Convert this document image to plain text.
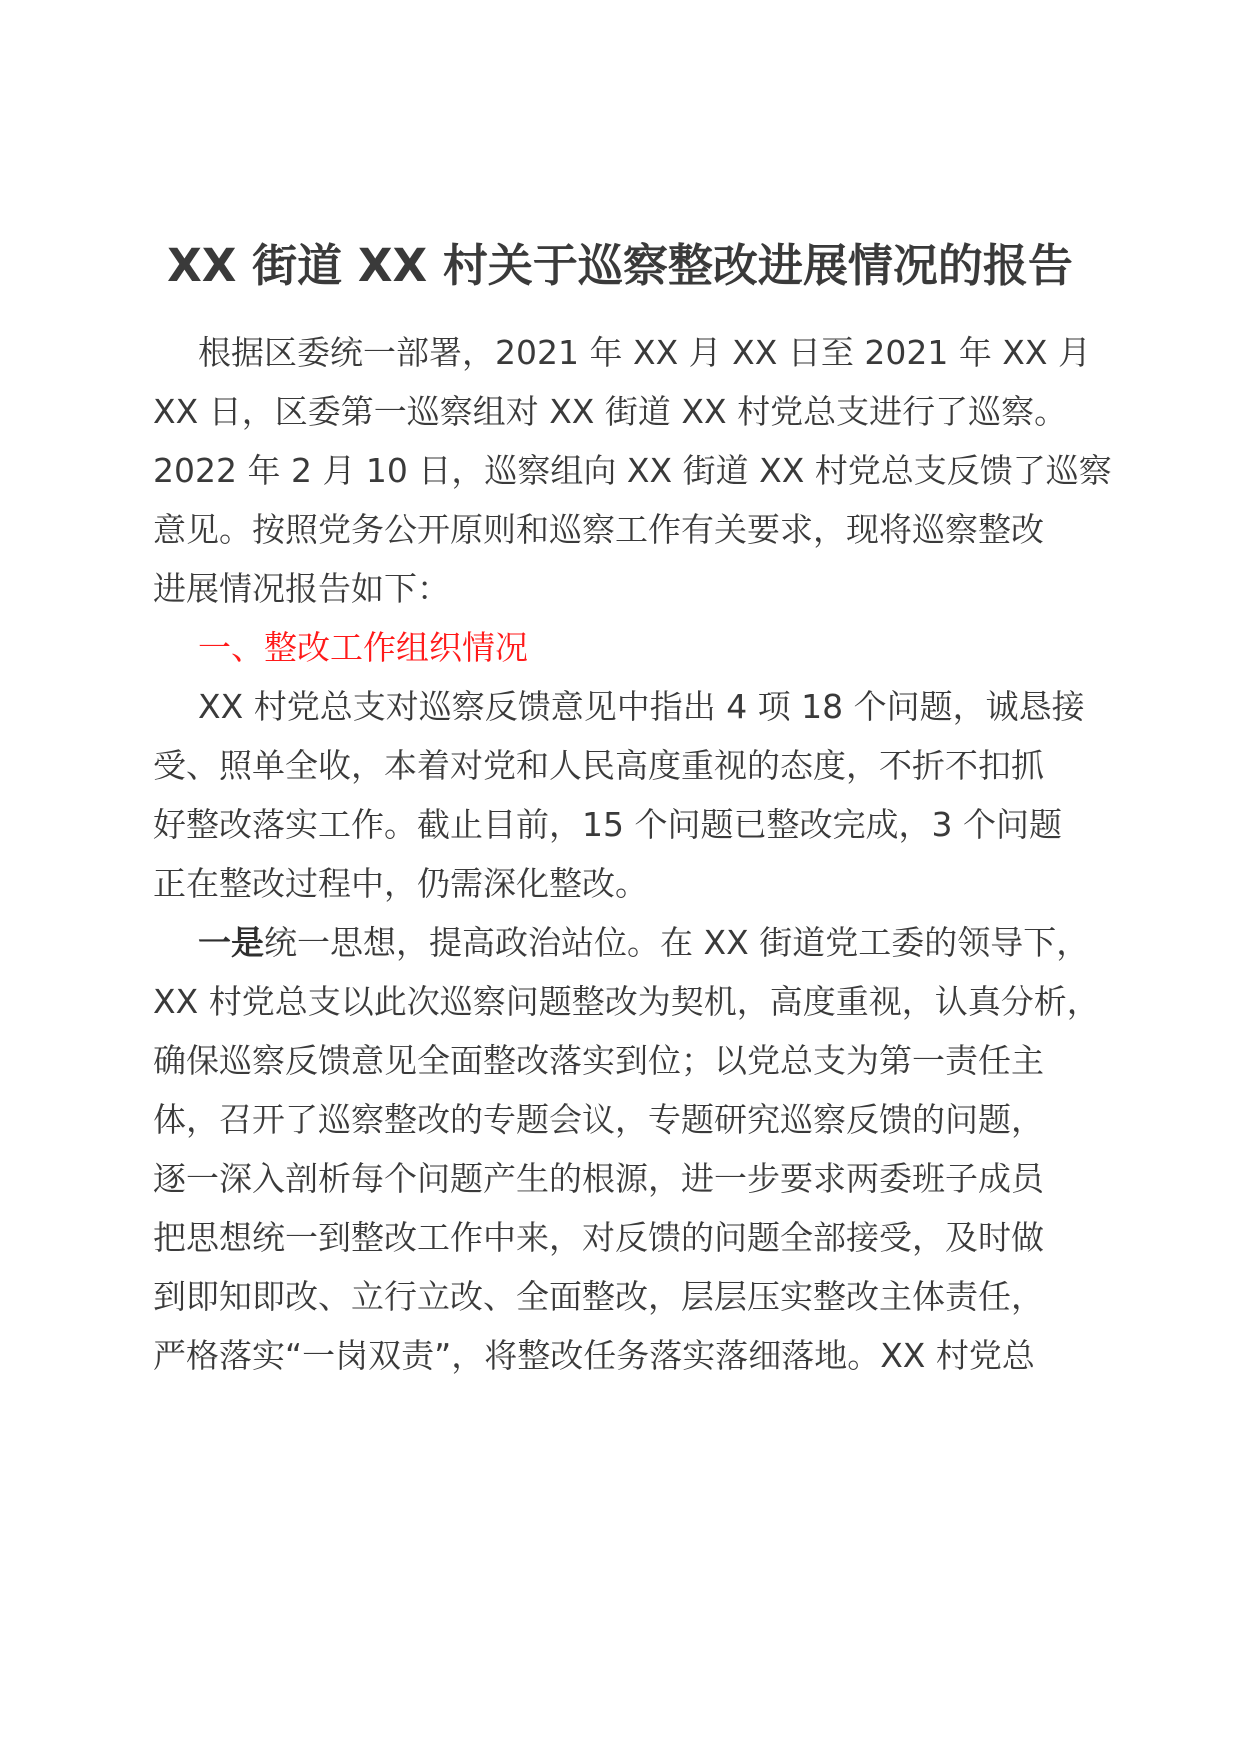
XX 街道 XX 村关于巡察整改进展情况的报告
根据区委统一部署，2021 年 XX 月 XX 日至 2021 年 XX 月
XX 日，区委第一巡察组对 XX 街道 XX 村党总支进行了巡察。
2022 年 2 月 10 日，巡察组向 XX 街道 XX 村党总支反馈了巡察
意见。按照党务公开原则和巡察工作有关要求，现将巡察整改
进展情况报告如下：
一、整改工作组织情况
XX 村党总支对巡察反馈意见中指出 4 项 18 个问题，诚恳接
受、照单全收，本着对党和人民高度重视的态度，不折不扣抓
好整改落实工作。截止目前，15 个问题已整改完成，3 个问题
正在整改过程中，仍需深化整改。
一是统一思想，提高政治站位。在 XX 街道党工委的领导下，
XX 村党总支以此次巡察问题整改为契机，高度重视，认真分析，
确保巡察反馈意见全面整改落实到位；以党总支为第一责任主
体，召开了巡察整改的专题会议，专题研究巡察反馈的问题，
逐一深入剖析每个问题产生的根源，进一步要求两委班子成员
把思想统一到整改工作中来，对反馈的问题全部接受，及时做
到即知即改、立行立改、全面整改，层层压实整改主体责任，
严格落实“一岗双责”，将整改任务落实落细落地。XX 村党总
